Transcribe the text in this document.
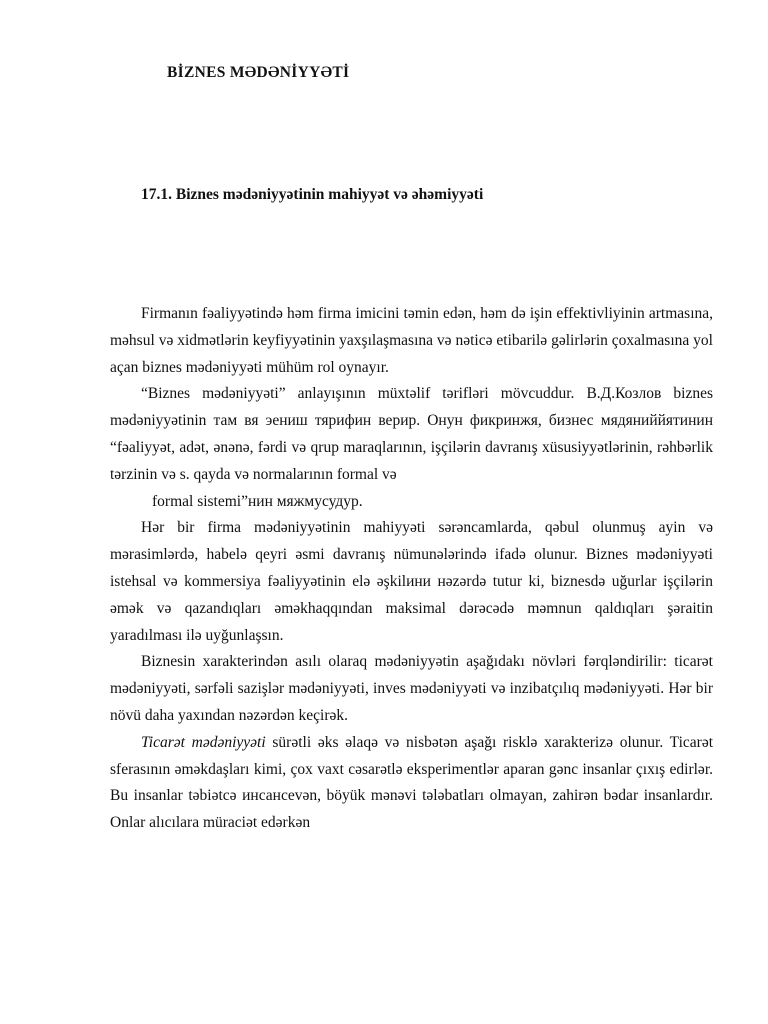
BİZNES MƏDƏNİYYƏTİ
17.1. Biznes mədəniyyətinin mahiyyət və əhəmiyyəti

Firmanın fəaliyyətində həm firma imicini təmin edən, həm də işin effektivliyinin artmasına, məhsul və xidmətlərin keyfiyyətinin yaxşılaşmasına və nəticə etibarilə gəlirlərin çoxalmasına yol açan biznes mədəniyyəti mühüm rol oynayır.

“Biznes mədəniyyəti” anlayışının müxtəlif tərifləri mövcuddur. В.Д.Козлов biznes mədəniyyətinin там вя эениш тярифин верир. Онун фикринжя, бизнес мядяниййятинин “fəaliyyət, adət, ənənə, fərdi və qrup maraqlarının, işçilərin davranış xüsusiyyətlərinin, rəhbərlik tərzinin və s. qayda və normalarının formal və

formal sistemi”нин мяжмусудур.

Hər bir firma mədəniyyətinin mahiyyəti sərəncamlarda, qəbul olunmuş ayin və mərasimlərdə, habelə qeyri əsmi davranış nümunələrində ifadə olunur. Biznes mədəniyyəti istehsal və kommersiya fəaliyyətinin elə əşkilини нəzərdə tutur ki, biznesdə uğurlar işçilərin əmək və qazandıqları əməkhaqqından maksimal dərəcədə məmnun qaldıqları şəraitin yaradılması ilə uyğunlaşsın.

Biznesin xarakterindən asılı olaraq mədəniyyətin aşağıdakı növləri fərqləndirilir: ticarət mədəniyyəti, sərfəli sazişlər mədəniyyəti, inves mədəniyyəti və inzibatçılıq mədəniyyəti. Hər bir növü daha yaxından nəzərdən keçirək.

Ticarət mədəniyyəti sürətli əks əlaqə və nisbətən aşağı risklə xarakterizə olunur. Ticarət sferasının əməkdaşları kimi, çox vaxt cəsarətlə eksperimentlər aparan gənc insanlar çıxış edirlər. Bu insanlar təbiətcə инсансevən, böyük mənəvi tələbatları olmayan, zahirən bədar insanlardır. Onlar alıcılara müraciət edərkən
